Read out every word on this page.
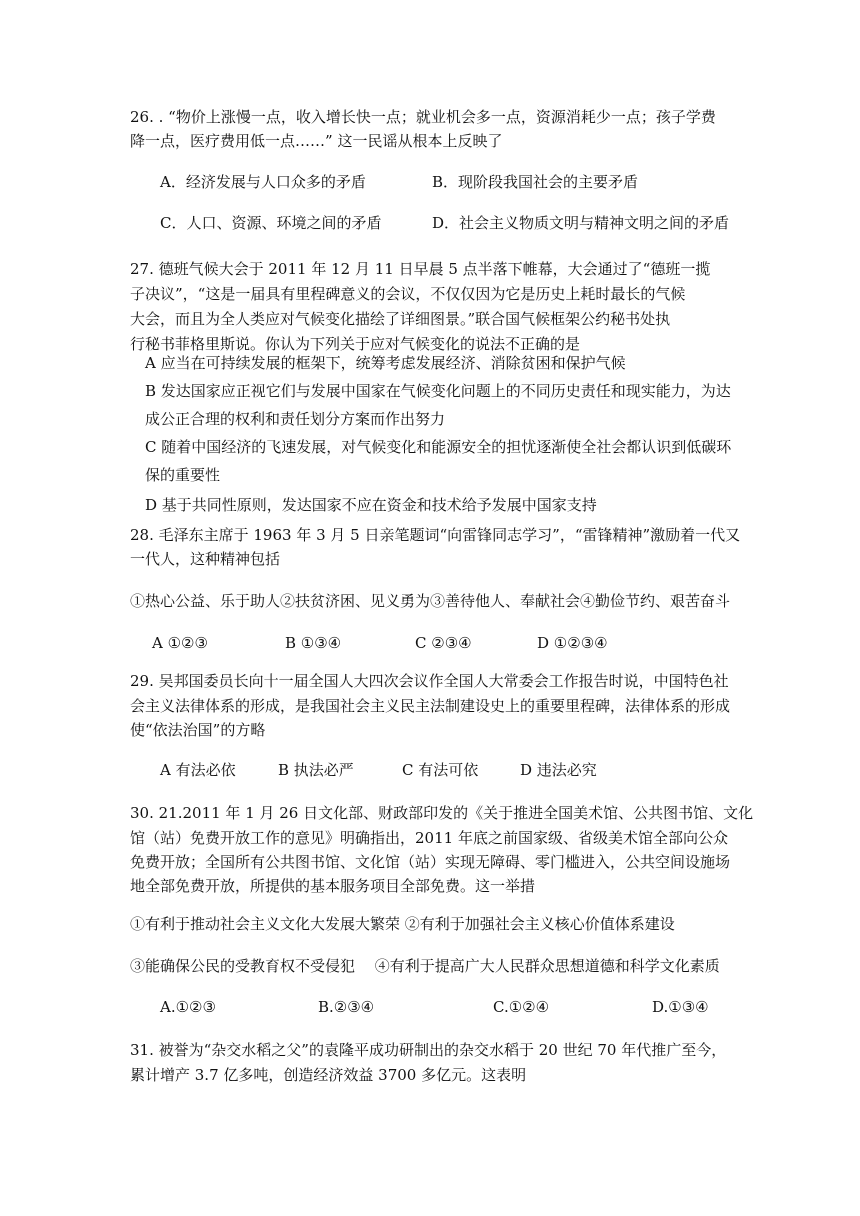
26. . “物价上涨慢一点，收入增长快一点；就业机会多一点，资源消耗少一点；孩子学费
降一点，医疗费用低一点……” 这一民谣从根本上反映了
A．经济发展与人口众多的矛盾	B．现阶段我国社会的主要矛盾
C．人口、资源、环境之间的矛盾	D．社会主义物质文明与精神文明之间的矛盾
27. 德班气候大会于 2011 年 12 月 11 日早晨 5 点半落下帷幕，大会通过了“德班一揽
子决议”，“这是一届具有里程碑意义的会议，不仅仅因为它是历史上耗时最长的气候
大会，而且为全人类应对气候变化描绘了详细图景。”联合国气候框架公约秘书处执
行秘书菲格里斯说。你认为下列关于应对气候变化的说法不正确的是
A 应当在可持续发展的框架下，统筹考虑发展经济、消除贫困和保护气候
B 发达国家应正视它们与发展中国家在气候变化问题上的不同历史责任和现实能力，为达
成公正合理的权利和责任划分方案而作出努力
C 随着中国经济的飞速发展，对气候变化和能源安全的担忧逐渐使全社会都认识到低碳环
保的重要性
D 基于共同性原则，发达国家不应在资金和技术给予发展中国家支持
28. 毛泽东主席于 1963 年 3 月 5 日亲笔题词“向雷锋同志学习”，“雷锋精神”激励着一代又
一代人，这种精神包括
①热心公益、乐于助人②扶贫济困、见义勇为③善待他人、奉献社会④勤俭节约、艰苦奋斗
A ①②③	B ①③④	C ②③④	D ①②③④
29. 吴邦国委员长向十一届全国人大四次会议作全国人大常委会工作报告时说，中国特色社
会主义法律体系的形成，是我国社会主义民主法制建设史上的重要里程碑，法律体系的形成
使“依法治国”的方略
A 有法必依	B 执法必严	C 有法可依	D 违法必究
30. 21.2011 年 1 月 26 日文化部、财政部印发的《关于推进全国美术馆、公共图书馆、文化
馆（站）免费开放工作的意见》明确指出，2011 年底之前国家级、省级美术馆全部向公众
免费开放；全国所有公共图书馆、文化馆（站）实现无障碍、零门槛进入，公共空间设施场
地全部免费开放，所提供的基本服务项目全部免费。这一举措
①有利于推动社会主义文化大发展大繁荣 ②有利于加强社会主义核心价值体系建设
③能确保公民的受教育权不受侵犯　 ④有利于提高广大人民群众思想道德和科学文化素质
A.①②③	B.②③④	C.①②④	D.①③④
31. 被誉为“杂交水稻之父”的袁隆平成功研制出的杂交水稻于 20 世纪 70 年代推广至今，
累计增产 3.7 亿多吨，创造经济效益 3700 多亿元。这表明
